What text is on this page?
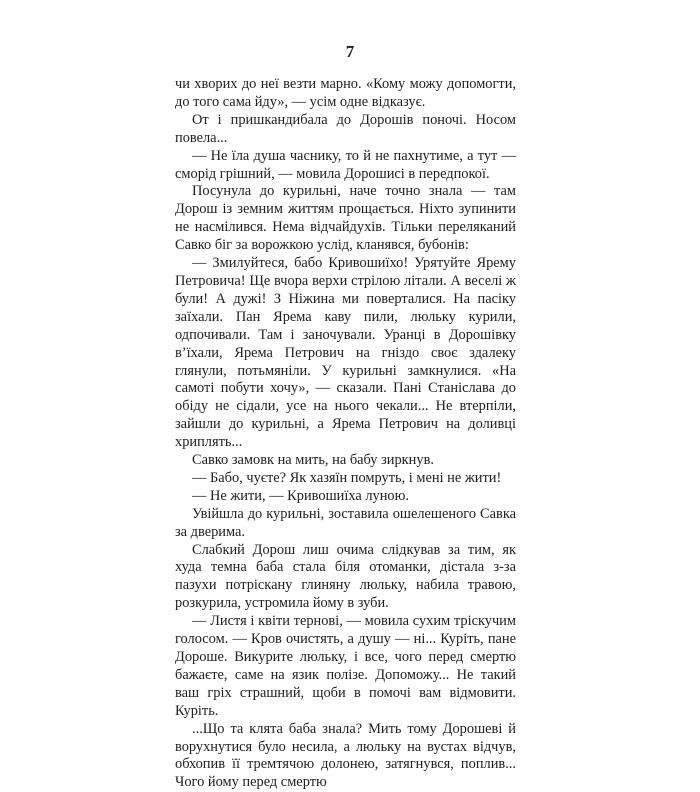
7

чи хворих до неї везти марно. «Кому можу допомогти, до того сама йду», — усім одне відказує.

От і пришкандибала до Дорошів поночі. Носом повела...

— Не їла душа часнику, то й не пахнутиме, а тут — сморід грішний, — мовила Дорошисі в передпокої.

Посунула до курильні, наче точно знала — там Дорош із земним життям прощається. Ніхто зупинити не насмілився. Нема відчайдухів. Тільки переляканий Савко біг за ворожкою услід, кланявся, бубонів:

— Змилуйтеся, бабо Кривошиїхо! Урятуйте Ярему Петровича! Ще вчора верхи стрілою літали. А веселі ж були! А дужі! З Ніжина ми поверталися. На пасіку заїхали. Пан Ярема каву пили, люльку курили, одпочивали. Там і заночували. Уранці в Дорошівку в’їхали, Ярема Петрович на гніздо своє здалеку глянули, потьмяніли. У курильні замкнулися. «На самоті побути хочу», — сказали. Пані Станіслава до обіду не сідали, усе на нього чекали... Не втерпіли, зайшли до курильні, а Ярема Петрович на доливці хриплять...

Савко замовк на мить, на бабу зиркнув.

— Бабо, чуєте? Як хазяїн помруть, і мені не жити!

— Не жити, — Кривошиїха луною.

Увійшла до курильні, зоставила ошелешеного Савка за дверима.

Слабкий Дорош лиш очима слідкував за тим, як худа темна баба стала біля отоманки, дістала з-за пазухи потріскану глиняну люльку, набила травою, розкурила, устромила йому в зуби.

— Листя і квіти тернові, — мовила сухим тріскучим голосом. — Кров очистять, а душу — ні... Куріть, пане Дороше. Викурите люльку, і все, чого перед смертю бажаєте, саме на язик полізе. Допоможу... Не такий ваш гріх страшний, щоби в помочі вам відмовити. Куріть.

...Що та клята баба знала? Мить тому Дорошеві й ворухнутися було несила, а люльку на вустах відчув, обхопив її тремтячою долонею, затягнувся, поплив... Чого йому перед смертю
